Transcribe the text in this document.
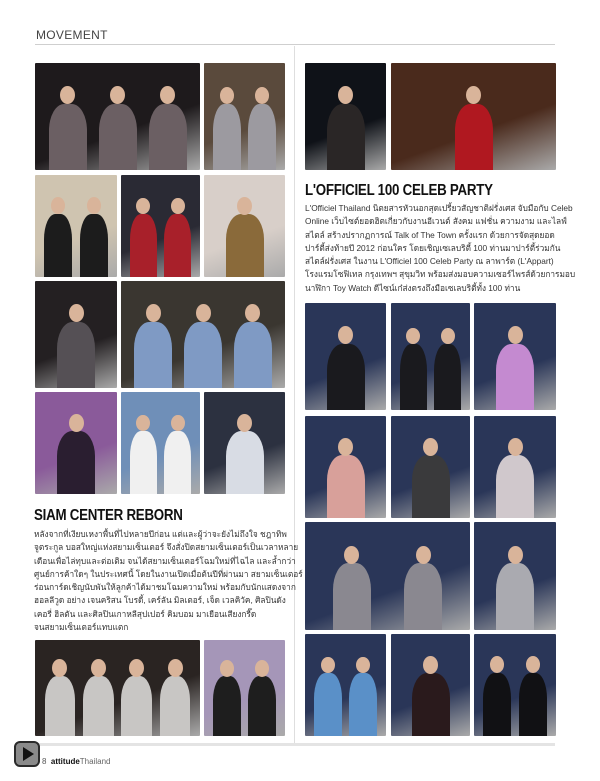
MOVEMENT
SIAM CENTER REBORN

หลังจากที่เงียบเหงาพื้นที่ไปหลายปีก่อน แต่และผู้ว่าจะยังไม่ถึงใจ ชฎาทิพ

จูตระกูล บอสใหญ่แห่งสยามเซ็นเตอร์ จึงสั่งปิดสยามเซ็นเตอร์เป็นเวลาหลาย

เดือนเพื่อไล่ทุบและต่อเติม จนได้สยามเซ็นเตอร์โฉมใหม่ที่ไฉไล และล้ำกว่า

ศูนย์การค้าใดๆ ในประเทศนี้ โดยในงานเปิดเมื่อต้นปีที่ผ่านมา สยามเซ็นเตอร์

ร่อนการ์ดเชิญนับพันให้ลูกค้าได้มาชมโฉมความใหม่ พร้อมกับนักแสดงจาก

ฮอลลีวูด อย่าง เจนคริสน โบรดี้, เคร์ลัน มิลเตอร์, เจ็ด เวลคิวัค, ศิลปินดัง

เคอรี่ ฮิลตัน และศิลปินเกาหลีสุปเปอร์ คิมบอม มาเยือนเสียงกรี๊ด

จนสยามเซ็นเตอร์แทบแตก

L'OFFICIEL 100 CELEB PARTY

L'Officiel Thailand นิตยสารหัวนอกสุดเปรี้ยวสัญชาติฝรั่งเศส จับมือกับ Celeb

Online เว็บไซต์ยอดฮิตเกี่ยวกับงานอีเวนต์ สังคม แฟชั่น ความงาม และไลฟ์

สไตล์ สร้างปรากฏการณ์ Talk of The Town ครั้งแรก ด้วยการจัดสุดยอด

ปาร์ตี้ส่งท้ายปี 2012 ก่อนใคร โดยเชิญเซเลบริตี้ 100 ท่านมาปาร์ตี้ร่วมกัน

สไตล์ฝรั่งเศส ในงาน L'Officiel 100 Celeb Party ณ ลาพาร์ต (L'Appart)

โรงแรมโซฟิเทล กรุงเทพฯ สุขุมวิท พร้อมส่งมอบความเซอร์ไพรส์ด้วยการมอบ

นาฬิกา Toy Watch ดีไซน์เก๋ส่งตรงถึงมือเซเลบริตี้ทั้ง 100 ท่าน

8 attitudeThailand
